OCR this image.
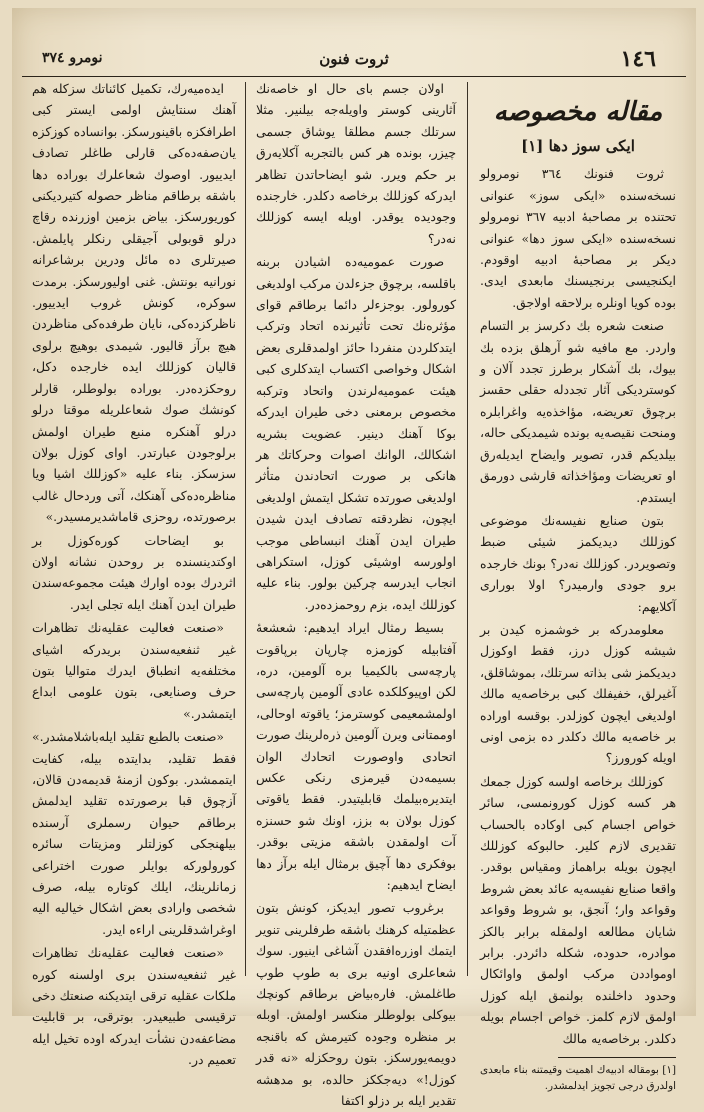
١٤٦
ثروت فنون
نومرو ٣٧٤
مقاله مخصوصه
ایكی سوز دها [١]

ثروت فنونك ٣٦٤ نومرولو نسخه‌سنده «ایكی سوز» عنوانی تحتنده بر مصاحبهٔ ادبیه ٣٦٧ ‌نومرولو نسخه‌سنده «ایكی سوز دها» عنوانی دیكر بر مصاحبهٔ ادبیه اوقودم. ایكنجیسی برنجیسنك مابعدی ایدی. بوده كویا اونلره برلاحقه اولاجق.

صنعت شعره بك دكرسز بر التسام واردر. مع مافیه شو آرهلق بزده بك بیوك، بك آشكار برطرز تجدد آلان و كوستردیكی آثار تجددله حقلی حقسز برچوق تعریضه، مؤاخذه‌یه واغرابلره ومنحت نقیصه‌یه بونده شیمدیكی حاله، بیلدیكم قدر، تصویر وایضاح ایدیله‌رق او تعریضات ومؤاخذاته قارشی دورمق ایستدم.

بتون صنایع نفیسه‌نك موضوعی كوزللك دیدیكمز شیئی ضبط وتصویردر. كوزللك نه‌در؟ بونك خارجده برو جودی وارمیدر؟ اولا بوراری آكلایهم:

معلومدركه بر خوشمزه كیدن بر شیشه كوزل درز، فقط اوكوزل دیدیكمز شی بذاته سرتلك، بموشاقلق، آغیرلق، خفیفلك كبی برخاصه‌یه مالك اولدیغی ایچون كوزلدر. بوقسه اوراده بر خاصه‌یه مالك دكلدر ده بزمی اونی اویله كورورز؟

كوزللك برخاصه اولسه كوزل جمعك هر كسه كوزل كورونمسی، سائر خواص اجسام كبی اوكاده بالحساب تقدیری لازم كلیر. حالبوكه كوزللك ایچون بویله براهماز ومقیاس بوقدر. واقعا صنایع نفیسه‌یه عائد بعض شروط وقواعد وار؛ آنجق، بو شروط وقواعد شایان مطالعه اولمقله برابر بالكز موادره، حدوده، شكله دائردر. برابر اومواددن مركب اولمق واوائكال وحدود داخلنده بولنمق ایله كوزل اولمق لازم كلمز. خواص اجسام بویله دكلدر. برخاصه‌یه مالك

[١] بومقاله ادبیه‌ك اهمیت وقیمتنه بناء مابعدی اولدرق درجی تجویز ایدلمشدر.

اولان جسم بای حال او خاصه‌نك آثارینی كوستر واویله‌جه بیلنیر. مثلا سرتلك جسم مطلقا یوشاق جسمی چیزر، بونده هر كس بالتجربه آكلایه‌رق بر حكم ویرر. شو ایضاحاتدن تظاهر ایدركه كوزللك برخاصه دكلدر. خارجنده وجودیده یوقدر. اویله ایسه كوزللك نه‌در؟

صورت عمومیه‌ده اشیادن بربنه باقلسه، برچوق جزءلدن مركب اولدیغی كورولور. بوجزءلر دائما برطاقم قوای مؤثره‌نك تحت تأثیرنده اتحاد وتركب ایتدكلردن منفردا حائز اولمدقلری بعض اشكال وخواصی اكتساب ایتدكلری كبی هیئت عمومیه‌لرندن واتحاد وتركبه مخصوص برمعنی دخی طیران ایدركه بوكا آهنك دینیر. عضویت بشریه اشكالك، الوانك اصوات وحركاتك هر هانكی بر صورت اتحادندن متأثر اولدیغی صورتده تشكل ایتمش اولدیغی ایچون، نظردقته تصادف ایدن شیدن طیران ایدن آهنك انبساطی موجب اولورسه اوشیئی كوزل، استكراهی انجاب ایدرسه چركین بولور. بناء علیه كوزللك ایده، بزم روحمزده‌در.

بسیط رمثال ایراد ایدهیم: شعشعهٔ آفتابیله كوزمزه چارپان برپاقوت پارچه‌سی بالكیمیا بره آلومین، دره، لكن اوپیوكلكده عادی آلومین پارچه‌سی اولمشمعیمی كوسترمز؛ یاقوته اوحالی، اوممتانی ویرن آلومین ذره‌لرینك صورت اتحادی واوصورت اتحادك الوان بسیمه‌دن قیرمزی رنكی عكس ایتدیره‌بیلمك قابلیتیدر. فقط یاقوتی كوزل بولان به بزز، اونك شو حسنزه آت اولمقدن باشقه مزیتی بوقدر. بوفكری دها آچیق برمثال ایله برآز دها ایضاح ایدهیم:

برغروب تصور ایدیكز، كونش بتون عظمتیله كرهنك باشقه طرفلرینی تنویر ایتمك اوزره‌افقدن آشاغی اینیور. سوك شعاعلری اونیه بری به طوپ طوپ طاغلمش. فاره‌بیاض برطاقم كونچك بیوكلی بولوطلر منكسر اولمش. اوبله بر منظره وجوده كتیرمش كه باقنجه دویمه‌یورسكز. بتون روحكزله «نه قدر كوزل!» دیه‌جككز حالده، بو مدهشه تقدیر ایله بر دزلو اكتفا

ایده‌میه‌رك، تكمیل كائناتك سزكله هم آهنك سنتایش اولمی ایستر كبی اطرافكزه باقینورسكز. بوانساده كوزكزه یان‌صفه‌ده‌كی قارلی طاغلر تصادف ایدییور. اوصوك شعاعلرك بوراده دها باشقه برطاقم مناظر حصوله كتیردیكنی كوریورسكز. بیاض بزمین اوزرنده رقاچ درلو قوبولی آجیقلی رنكلر پایلمش. صیرتلری ده مائل ودرین برشاعرانه نورانیه بونتش. غنی اولیورسكز. برمدت سوكره، كونش غروب ایدییور. ناظركزده‌كی، نایان طرفده‌كی مناظردن هیچ برآز قالیور. شیمدی بوهیچ برلوی قالیان كوزللك ایده خارجده دكل، روحكزده‌در. بوراده بولوطلر، قارلر كونشك صوك شعاعلریله موقتا درلو درلو آهنكره منبع طیران اولمش برلوجودن عبارتدر. اوای كوزل بولان سزسكز. بناء علیه «كوزللك اشیا ویا مناظره‌ده‌كی آهنكك، آتی وردحال غالب برصورتده، روحزی قاماشدیرمسیدر.»

بو ایضاحات كوره‌كوزل بر اوكتدینسنده بر روحدن نشانه اولان اثردرك بوده اوارك هیئت مجموعه‌سندن طیران ایدن آهنك ایله تجلی ایدر.

«صنعت فعالیت عقلیه‌نك تظاهرات غیر ثنفعیه‌سندن بریدركه اشیای مختلفه‌یه انطباق ایدرك متوالیا بتون حرف وصنایعی، بتون علومی ابداع ایتمشدر.»

«صنعت بالطبع تقلید ایله‌باشلامشدر.» فقط تقلید، بدایتده بیله، كفایت ایتممشدر. بوكون ازمنهٔ قدیمه‌دن قالان، آزچوق قبا برصورتده تقلید ایدلمش برطاقم حیوان رسملری آرسنده بیلهنجكی كوزلتلر ومزیتات سائره كورولوركه بوایلر صورت اختراعی زمانلرینك، ایلك كوتاره بیله، صرف شخصی وارادی بعض اشكال خیالیه الیه اوغراشدقلرینی اراءه ایدر.

«صنعت فعالیت عقلیه‌نك تظاهرات غیر ثنفعیه‌سندن بری اولسنه كوره ملكات عقلیه ترقی ایتدیكنه صنعتك دخی ترقیسی طبیعیدر. بوترقی، بر قابلیت مضاعفه‌دن نشأت ایدركه اوده تخیل ایله تعمیم در.
